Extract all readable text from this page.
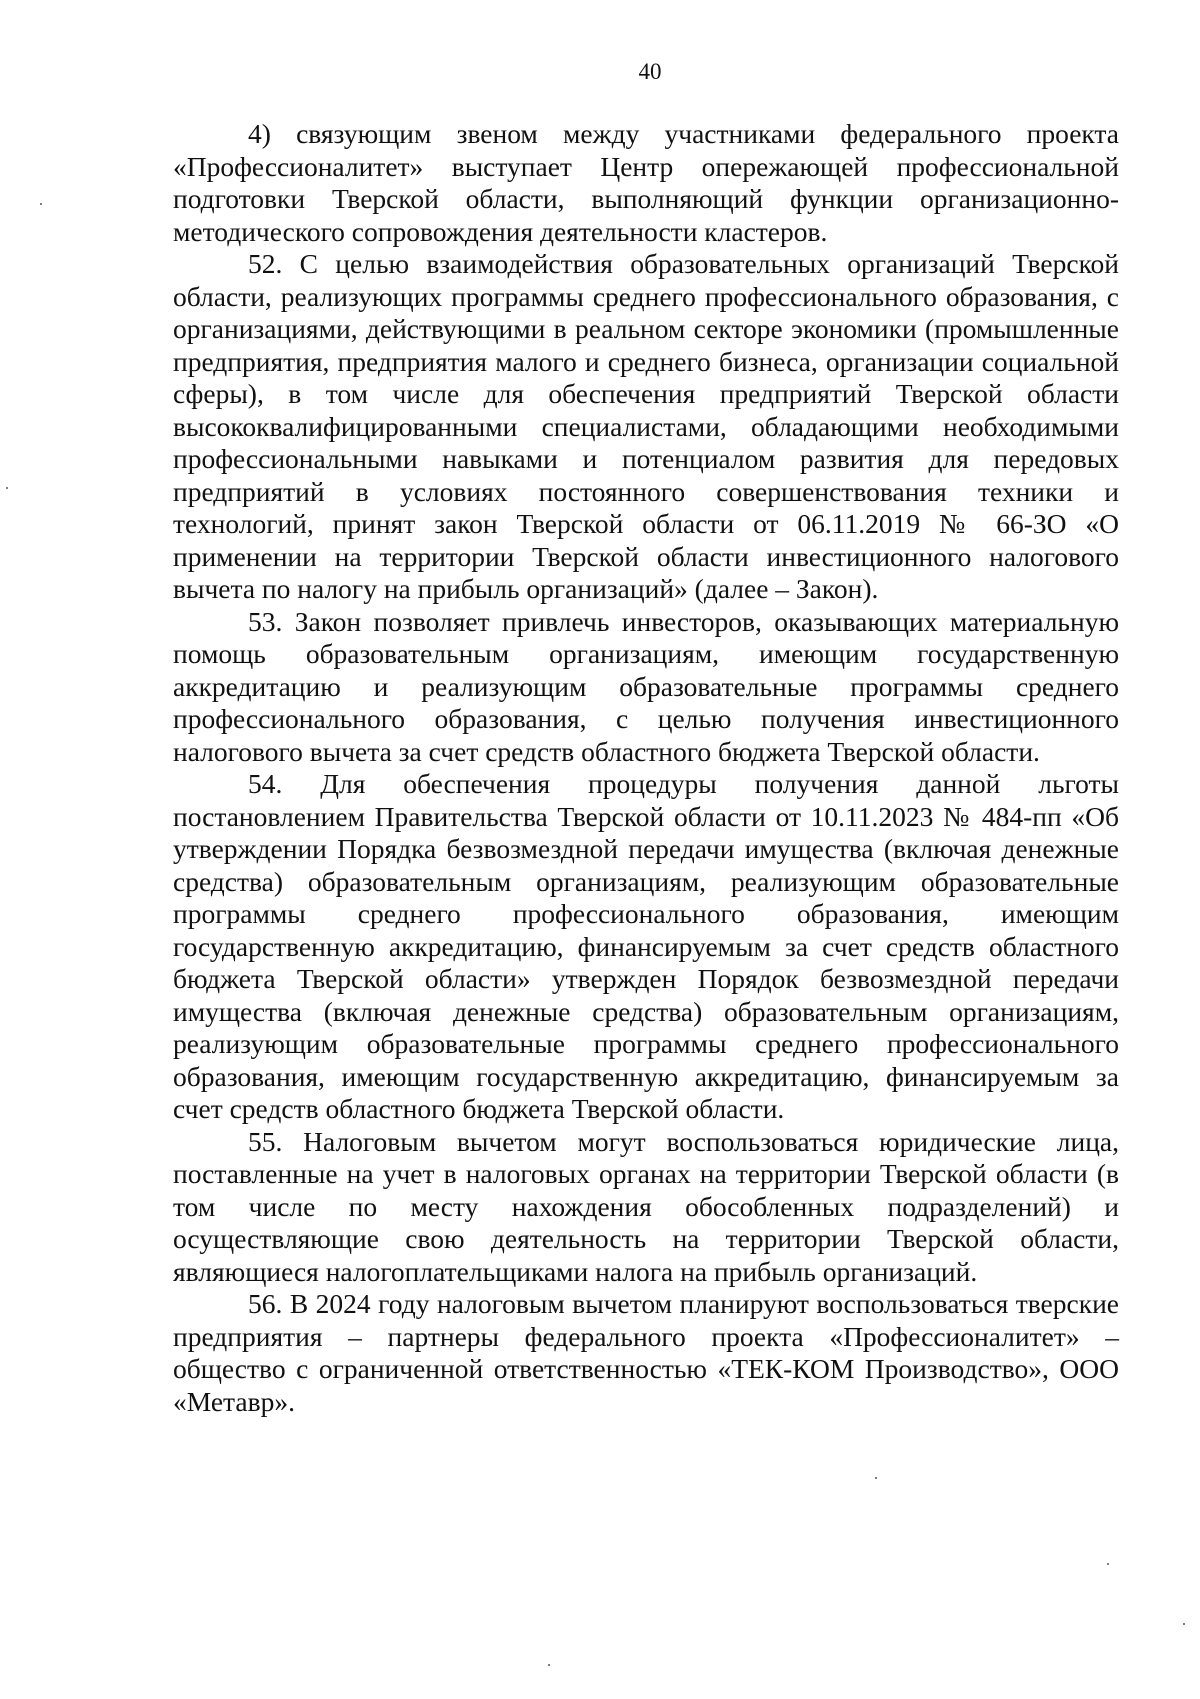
40

4) связующим звеном между участниками федерального проекта «Профессионалитет» выступает Центр опережающей профессиональной подготовки Тверской области, выполняющий функции организационно-методического сопровождения деятельности кластеров.

52. С целью взаимодействия образовательных организаций Тверской области, реализующих программы среднего профессионального образования, с организациями, действующими в реальном секторе экономики (промышленные предприятия, предприятия малого и среднего бизнеса, организации социальной сферы), в том числе для обеспечения предприятий Тверской области высококвалифицированными специалистами, обладающими необходимыми профессиональными навыками и потенциалом развития для передовых предприятий в условиях постоянного совершенствования техники и технологий, принят закон Тверской области от 06.11.2019 № 66-ЗО «О применении на территории Тверской области инвестиционного налогового вычета по налогу на прибыль организаций» (далее – Закон).

53. Закон позволяет привлечь инвесторов, оказывающих материальную помощь образовательным организациям, имеющим государственную аккредитацию и реализующим образовательные программы среднего профессионального образования, с целью получения инвестиционного налогового вычета за счет средств областного бюджета Тверской области.

54. Для обеспечения процедуры получения данной льготы постановлением Правительства Тверской области от 10.11.2023 № 484-пп «Об утверждении Порядка безвозмездной передачи имущества (включая денежные средства) образовательным организациям, реализующим образовательные программы среднего профессионального образования, имеющим государственную аккредитацию, финансируемым за счет средств областного бюджета Тверской области» утвержден Порядок безвозмездной передачи имущества (включая денежные средства) образовательным организациям, реализующим образовательные программы среднего профессионального образования, имеющим государственную аккредитацию, финансируемым за счет средств областного бюджета Тверской области.

55. Налоговым вычетом могут воспользоваться юридические лица, поставленные на учет в налоговых органах на территории Тверской области (в том числе по месту нахождения обособленных подразделений) и осуществляющие свою деятельность на территории Тверской области, являющиеся налогоплательщиками налога на прибыль организаций.

56. В 2024 году налоговым вычетом планируют воспользоваться тверские предприятия – партнеры федерального проекта «Профессионалитет» – общество с ограниченной ответственностью «ТЕК-КОМ Производство», ООО «Метавр».
